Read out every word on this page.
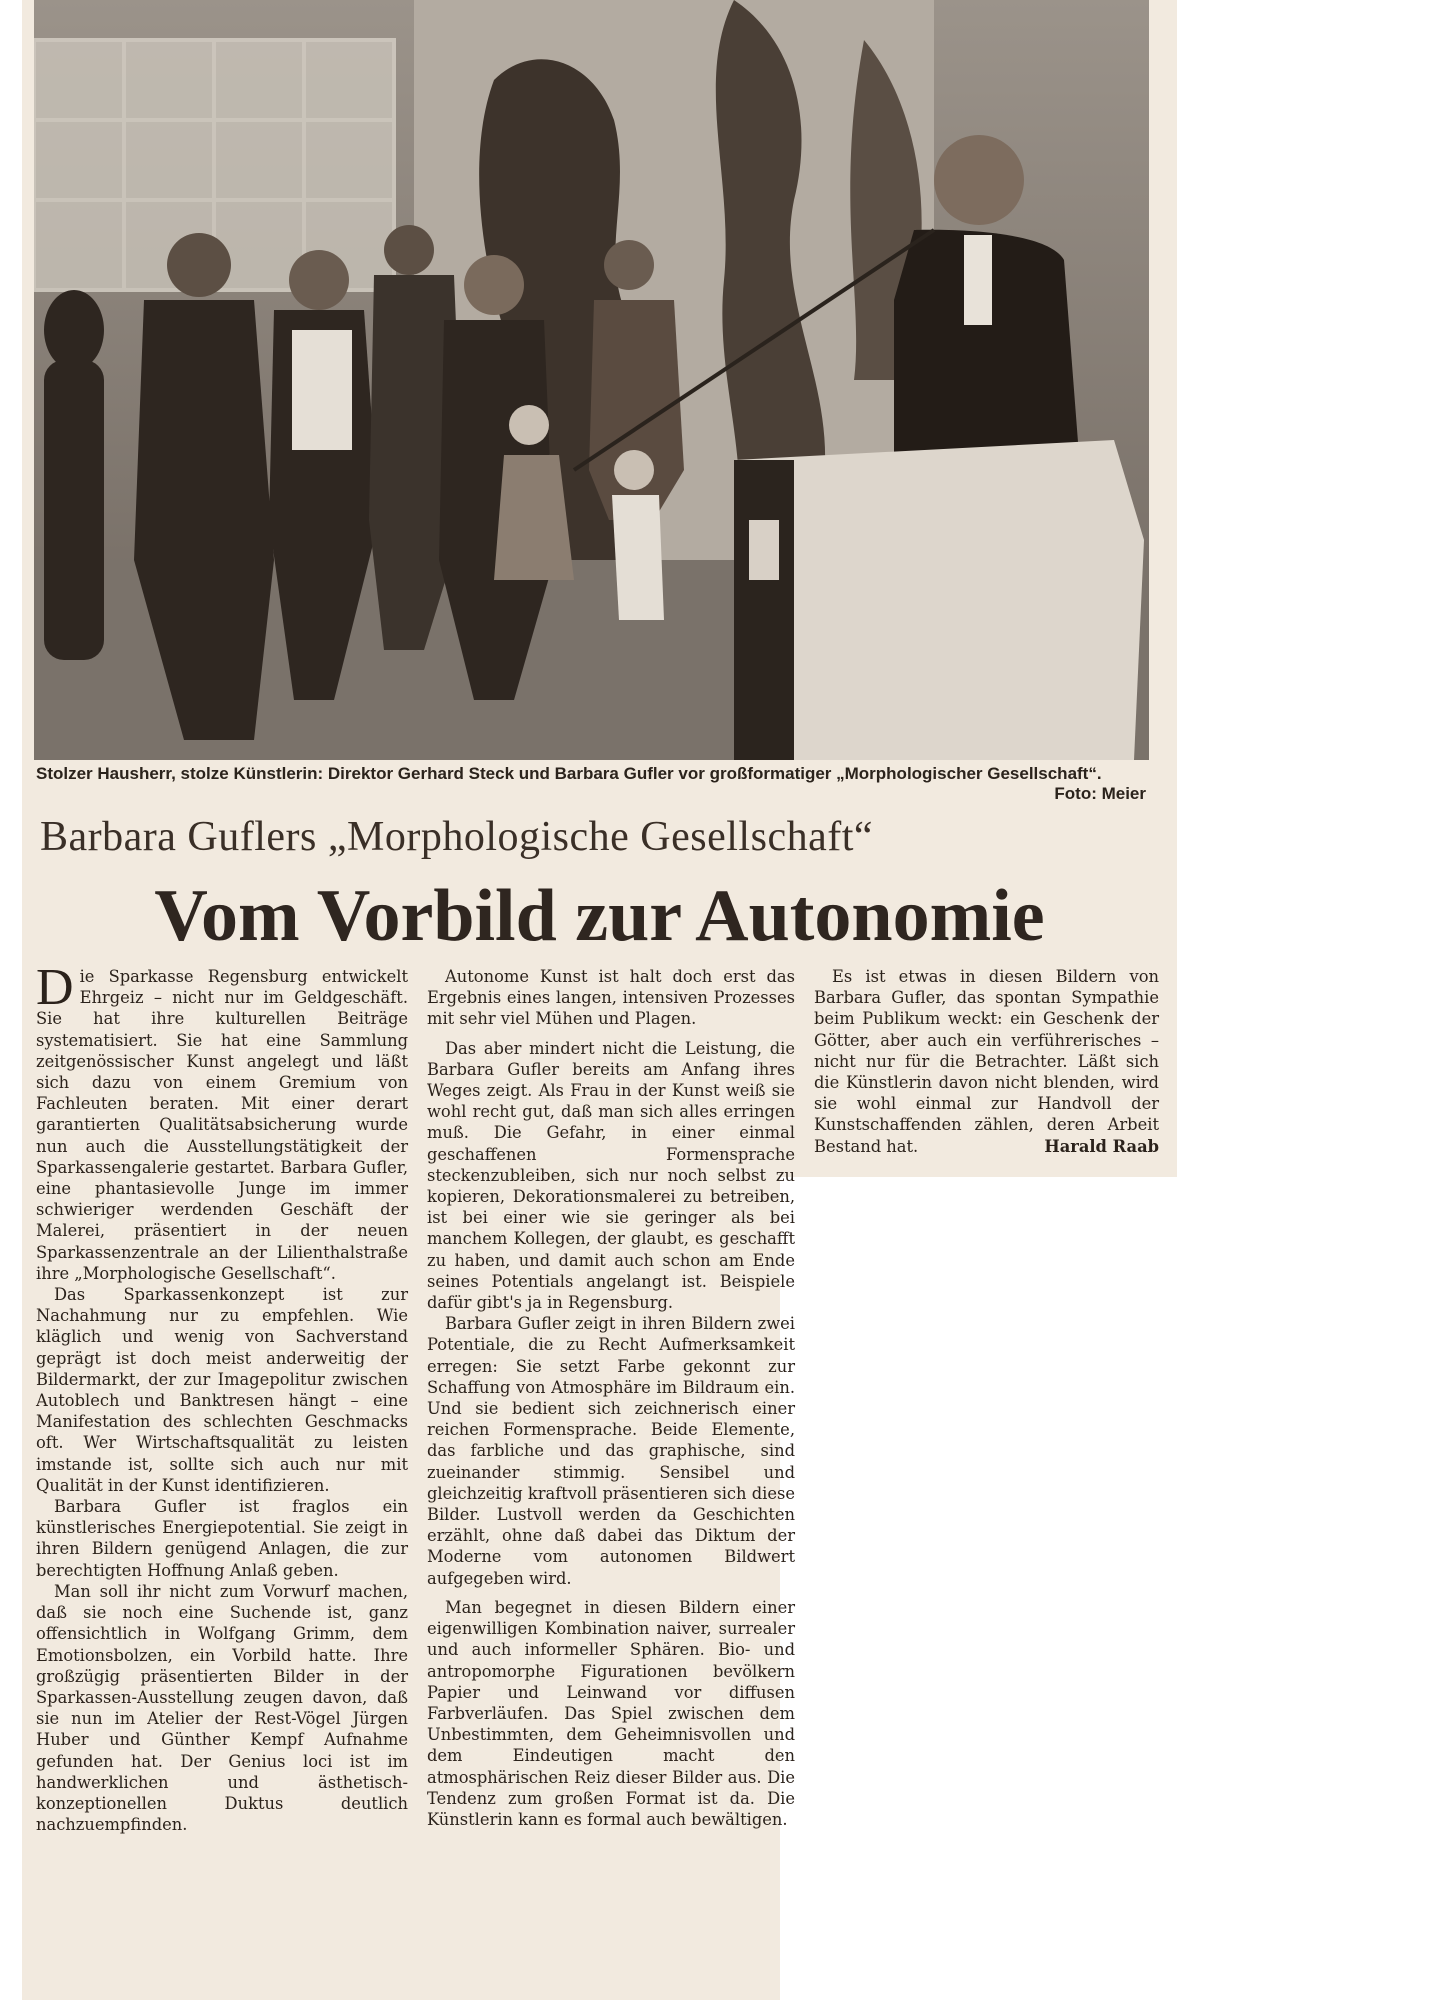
Stolzer Hausherr, stolze Künstlerin: Direktor Gerhard Steck und Barbara Gufler vor großformatiger „Morphologischer Gesellschaft“.
Foto: Meier
Barbara Guflers „Morphologische Gesellschaft“
Vom Vorbild zur Autonomie

Die Sparkasse Regensburg entwickelt Ehrgeiz – nicht nur im Geldgeschäft. Sie hat ihre kulturellen Beiträge systematisiert. Sie hat eine Sammlung zeitgenössischer Kunst angelegt und läßt sich dazu von einem Gremium von Fachleuten beraten. Mit einer derart garantierten Qualitätsabsicherung wurde nun auch die Ausstellungstätigkeit der Sparkassengalerie gestartet. Barbara Gufler, eine phantasievolle Junge im immer schwieriger werdenden Geschäft der Malerei, präsentiert in der neuen Sparkassenzentrale an der Lilienthalstraße ihre „Morphologische Gesellschaft“.

Das Sparkassenkonzept ist zur Nachahmung nur zu empfehlen. Wie kläglich und wenig von Sachverstand geprägt ist doch meist anderweitig der Bildermarkt, der zur Imagepolitur zwischen Autoblech und Banktresen hängt – eine Manifestation des schlechten Geschmacks oft. Wer Wirtschaftsqualität zu leisten imstande ist, sollte sich auch nur mit Qualität in der Kunst identifizieren.

Barbara Gufler ist fraglos ein künstlerisches Energiepotential. Sie zeigt in ihren Bildern genügend Anlagen, die zur berechtigten Hoffnung Anlaß geben.

Man soll ihr nicht zum Vorwurf machen, daß sie noch eine Suchende ist, ganz offensichtlich in Wolfgang Grimm, dem Emotionsbolzen, ein Vorbild hatte. Ihre großzügig präsentierten Bilder in der Sparkassen-Ausstellung zeugen davon, daß sie nun im Atelier der Rest-Vögel Jürgen Huber und Günther Kempf Aufnahme gefunden hat. Der Genius loci ist im handwerklichen und ästhetisch-konzeptionellen Duktus deutlich nachzuempfinden.

Autonome Kunst ist halt doch erst das Ergebnis eines langen, intensiven Prozesses mit sehr viel Mühen und Plagen.

Das aber mindert nicht die Leistung, die Barbara Gufler bereits am Anfang ihres Weges zeigt. Als Frau in der Kunst weiß sie wohl recht gut, daß man sich alles erringen muß. Die Gefahr, in einer einmal geschaffenen Formensprache steckenzubleiben, sich nur noch selbst zu kopieren, Dekorationsmalerei zu betreiben, ist bei einer wie sie geringer als bei manchem Kollegen, der glaubt, es geschafft zu haben, und damit auch schon am Ende seines Potentials angelangt ist. Beispiele dafür gibt's ja in Regensburg.

Barbara Gufler zeigt in ihren Bildern zwei Potentiale, die zu Recht Aufmerksamkeit erregen: Sie setzt Farbe gekonnt zur Schaffung von Atmosphäre im Bildraum ein. Und sie bedient sich zeichnerisch einer reichen Formensprache. Beide Elemente, das farbliche und das graphische, sind zueinander stimmig. Sensibel und gleichzeitig kraftvoll präsentieren sich diese Bilder. Lustvoll werden da Geschichten erzählt, ohne daß dabei das Diktum der Moderne vom autonomen Bildwert aufgegeben wird.

Man begegnet in diesen Bildern einer eigenwilligen Kombination naiver, surrealer und auch informeller Sphären. Bio- und antropomorphe Figurationen bevölkern Papier und Leinwand vor diffusen Farbverläufen. Das Spiel zwischen dem Unbestimmten, dem Geheimnisvollen und dem Eindeutigen macht den atmosphärischen Reiz dieser Bilder aus. Die Tendenz zum großen Format ist da. Die Künstlerin kann es formal auch bewältigen.

Es ist etwas in diesen Bildern von Barbara Gufler, das spontan Sympathie beim Publikum weckt: ein Geschenk der Götter, aber auch ein verführerisches – nicht nur für die Betrachter. Läßt sich die Künstlerin davon nicht blenden, wird sie wohl einmal zur Handvoll der Kunstschaffenden zählen, deren Arbeit Bestand hat.	Harald Raab
